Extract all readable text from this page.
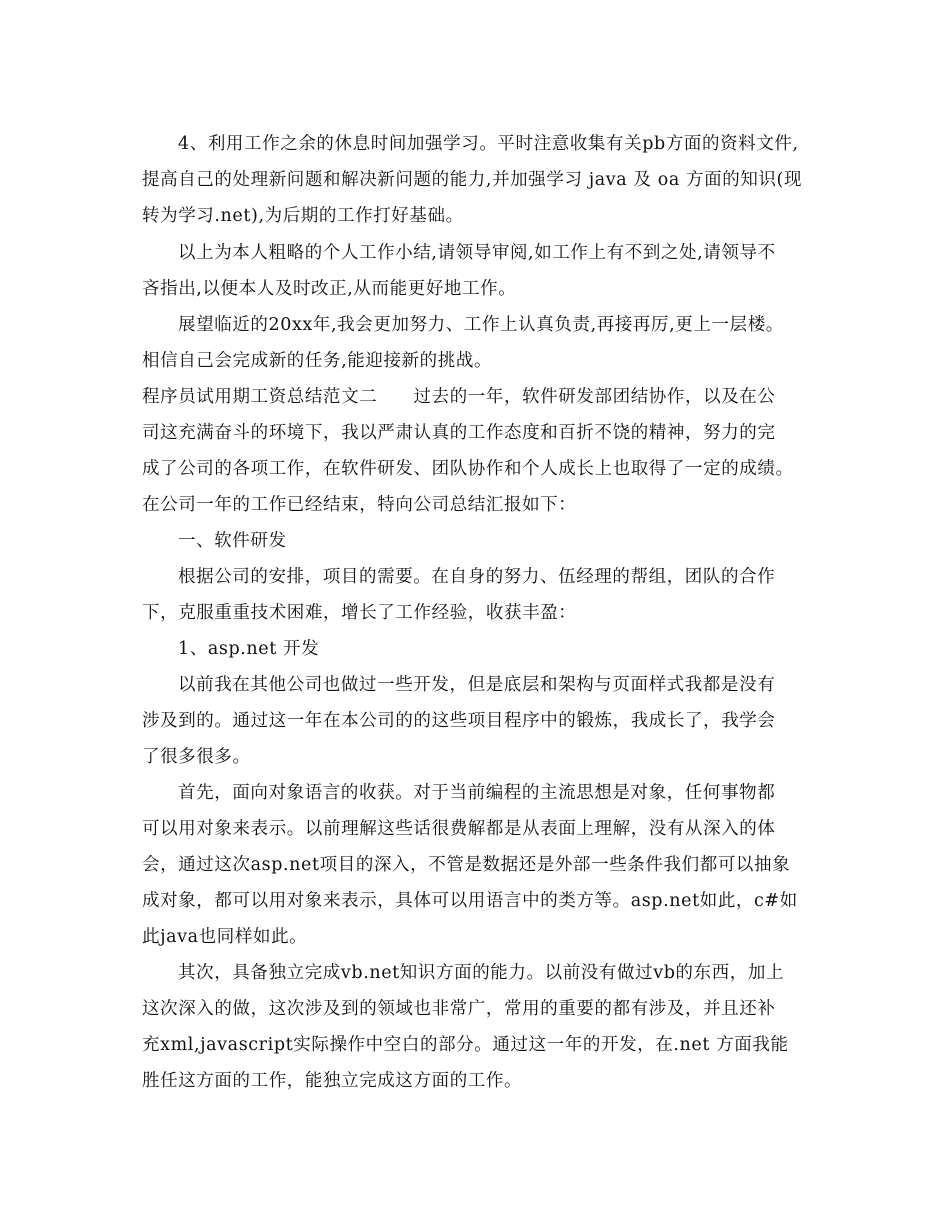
4、利用工作之余的休息时间加强学习。平时注意收集有关pb方面的资料文件,
提高自己的处理新问题和解决新问题的能力,并加强学习 java 及 oa 方面的知识(现
转为学习.net),为后期的工作打好基础。
以上为本人粗略的个人工作小结,请领导审阅,如工作上有不到之处,请领导不
吝指出,以便本人及时改正,从而能更好地工作。
展望临近的20xx年,我会更加努力、工作上认真负责,再接再厉,更上一层楼。
相信自己会完成新的任务,能迎接新的挑战。
程序员试用期工资总结范文二　　过去的一年，软件研发部团结协作，以及在公
司这充满奋斗的环境下，我以严肃认真的工作态度和百折不饶的精神，努力的完
成了公司的各项工作，在软件研发、团队协作和个人成长上也取得了一定的成绩。
在公司一年的工作已经结束，特向公司总结汇报如下：
一、软件研发
根据公司的安排，项目的需要。在自身的努力、伍经理的帮组，团队的合作
下，克服重重技术困难，增长了工作经验，收获丰盈：
1、asp.net 开发
以前我在其他公司也做过一些开发，但是底层和架构与页面样式我都是没有
涉及到的。通过这一年在本公司的的这些项目程序中的锻炼，我成长了，我学会
了很多很多。
首先，面向对象语言的收获。对于当前编程的主流思想是对象，任何事物都
可以用对象来表示。以前理解这些话很费解都是从表面上理解，没有从深入的体
会，通过这次asp.net项目的深入，不管是数据还是外部一些条件我们都可以抽象
成对象，都可以用对象来表示，具体可以用语言中的类方等。asp.net如此，c#如
此java也同样如此。
其次，具备独立完成vb.net知识方面的能力。以前没有做过vb的东西，加上
这次深入的做，这次涉及到的领域也非常广，常用的重要的都有涉及，并且还补
充xml,javascript实际操作中空白的部分。通过这一年的开发，在.net 方面我能
胜任这方面的工作，能独立完成这方面的工作。
